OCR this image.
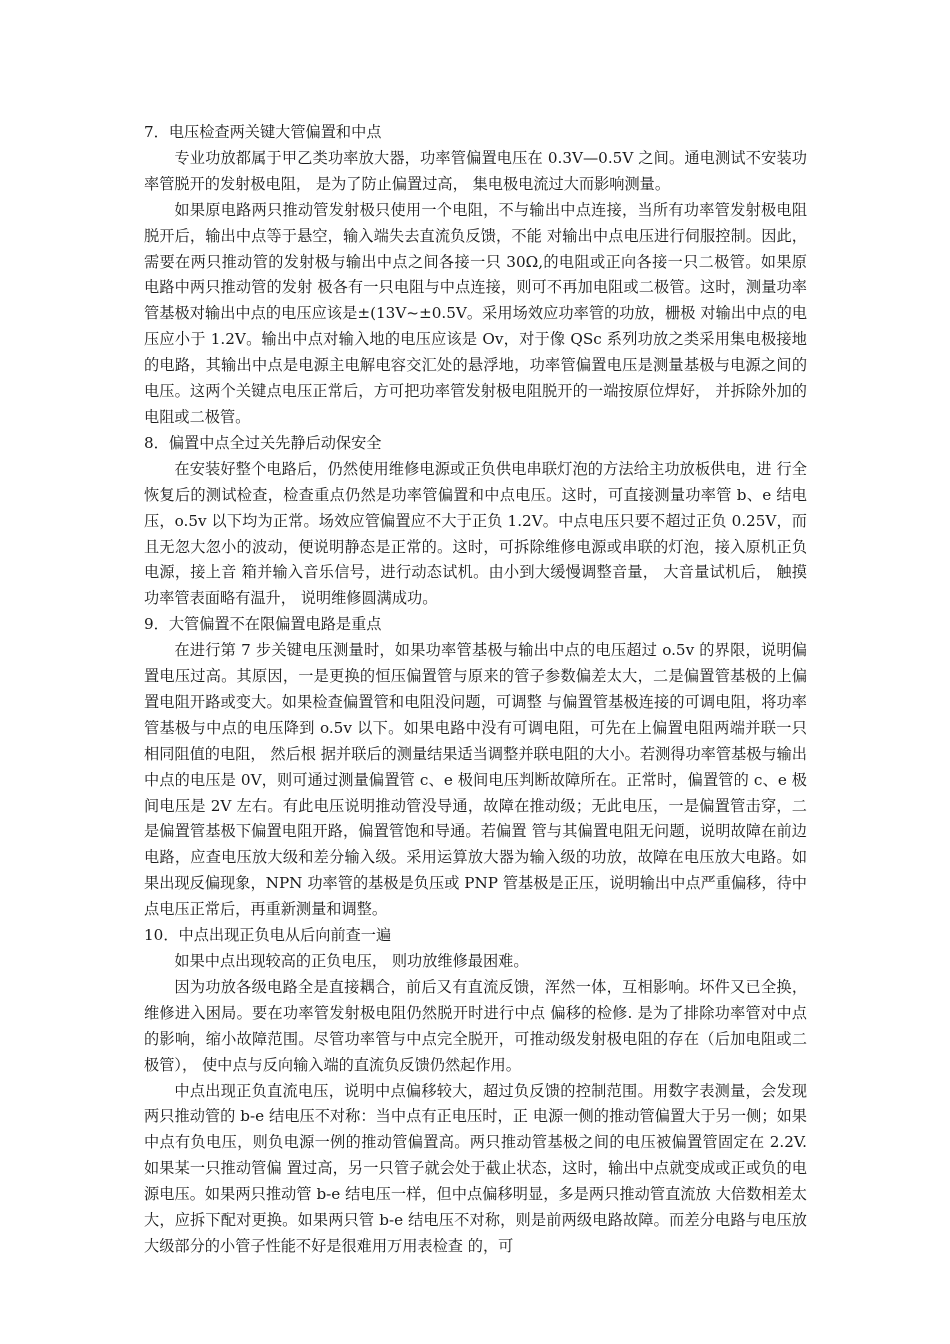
7．电压检查两关键大管偏置和中点

专业功放都属于甲乙类功率放大器，功率管偏置电压在 0.3V—0.5V 之间。通电测试不安装功率管脱开的发射极电阻， 是为了防止偏置过高， 集电极电流过大而影响测量。

如果原电路两只推动管发射极只使用一个电阻，不与输出中点连接，当所有功率管发射极电阻脱开后，输出中点等于悬空，输入端失去直流负反馈，不能 对输出中点电压进行伺服控制。因此，需要在两只推动管的发射极与输出中点之间各接一只 30Ω,的电阻或正向各接一只二极管。如果原电路中两只推动管的发射 极各有一只电阻与中点连接，则可不再加电阻或二极管。这时，测量功率管基极对输出中点的电压应该是±(13V~±0.5V。采用场效应功率管的功放，栅极 对输出中点的电压应小于 1.2V。输出中点对输入地的电压应该是 Ov，对于像 QSc 系列功放之类采用集电极接地的电路，其输出中点是电源主电解电容交汇处的悬浮地，功率管偏置电压是测量基极与电源之间的电压。这两个关键点电压正常后，方可把功率管发射极电阻脱开的一端按原位焊好， 并拆除外加的电阻或二极管。

8．偏置中点全过关先静后动保安全

在安装好整个电路后，仍然使用维修电源或正负供电串联灯泡的方法给主功放板供电，进 行全恢复后的测试检查，检查重点仍然是功率管偏置和中点电压。这时，可直接测量功率管 b、e 结电压，o.5v 以下均为正常。场效应管偏置应不大于正负 1.2V。中点电压只要不超过正负 0.25V，而且无忽大忽小的波动，便说明静态是正常的。这时，可拆除维修电源或串联的灯泡，接入原机正负电源，接上音 箱并输入音乐信号，进行动态试机。由小到大缓慢调整音量， 大音量试机后， 触摸功率管表面略有温升， 说明维修圆满成功。

9．大管偏置不在限偏置电路是重点

在进行第 7 步关键电压测量时，如果功率管基极与输出中点的电压超过 o.5v 的界限，说明偏置电压过高。其原因，一是更换的恒压偏置管与原来的管子参数偏差太大，二是偏置管基极的上偏置电阻开路或变大。如果检查偏置管和电阻没问题，可调整 与偏置管基极连接的可调电阻，将功率管基极与中点的电压降到 o.5v 以下。如果电路中没有可调电阻，可先在上偏置电阻两端并联一只相同阻值的电阻， 然后根 据并联后的测量结果适当调整并联电阻的大小。若测得功率管基极与输出中点的电压是 0V，则可通过测量偏置管 c、e 极间电压判断故障所在。正常时，偏置管的 c、e 极间电压是 2V 左右。有此电压说明推动管没导通，故障在推动级；无此电压，一是偏置管击穿，二是偏置管基极下偏置电阻开路，偏置管饱和导通。若偏置 管与其偏置电阻无问题，说明故障在前边电路，应查电压放大级和差分输入级。采用运算放大器为输入级的功放，故障在电压放大电路。如果出现反偏现象，NPN 功率管的基极是负压或 PNP 管基极是正压，说明输出中点严重偏移，待中点电压正常后，再重新测量和调整。

10．中点出现正负电从后向前查一遍

如果中点出现较高的正负电压， 则功放维修最困难。

因为功放各级电路全是直接耦合，前后又有直流反馈，浑然一体，互相影响。坏件又已全换，维修进入困局。要在功率管发射极电阻仍然脱开时进行中点 偏移的检修. 是为了排除功率管对中点的影响，缩小故障范围。尽管功率管与中点完全脱开，可推动级发射极电阻的存在（后加电阻或二极管）， 使中点与反向输入端的直流负反馈仍然起作用。

中点出现正负直流电压，说明中点偏移较大，超过负反馈的控制范围。用数字表测量，会发现两只推动管的 b-e 结电压不对称：当中点有正电压时，正 电源一侧的推动管偏置大于另一侧；如果中点有负电压，则负电源一例的推动管偏置高。两只推动管基极之间的电压被偏置管固定在 2.2V. 如果某一只推动管偏 置过高，另一只管子就会处于截止状态，这时，输出中点就变成或正或负的电源电压。如果两只推动管 b-e 结电压一样，但中点偏移明显，多是两只推动管直流放 大倍数相差太大，应拆下配对更换。如果两只管 b-e 结电压不对称，则是前两级电路故障。而差分电路与电压放大级部分的小管子性能不好是很难用万用表检查 的，可
